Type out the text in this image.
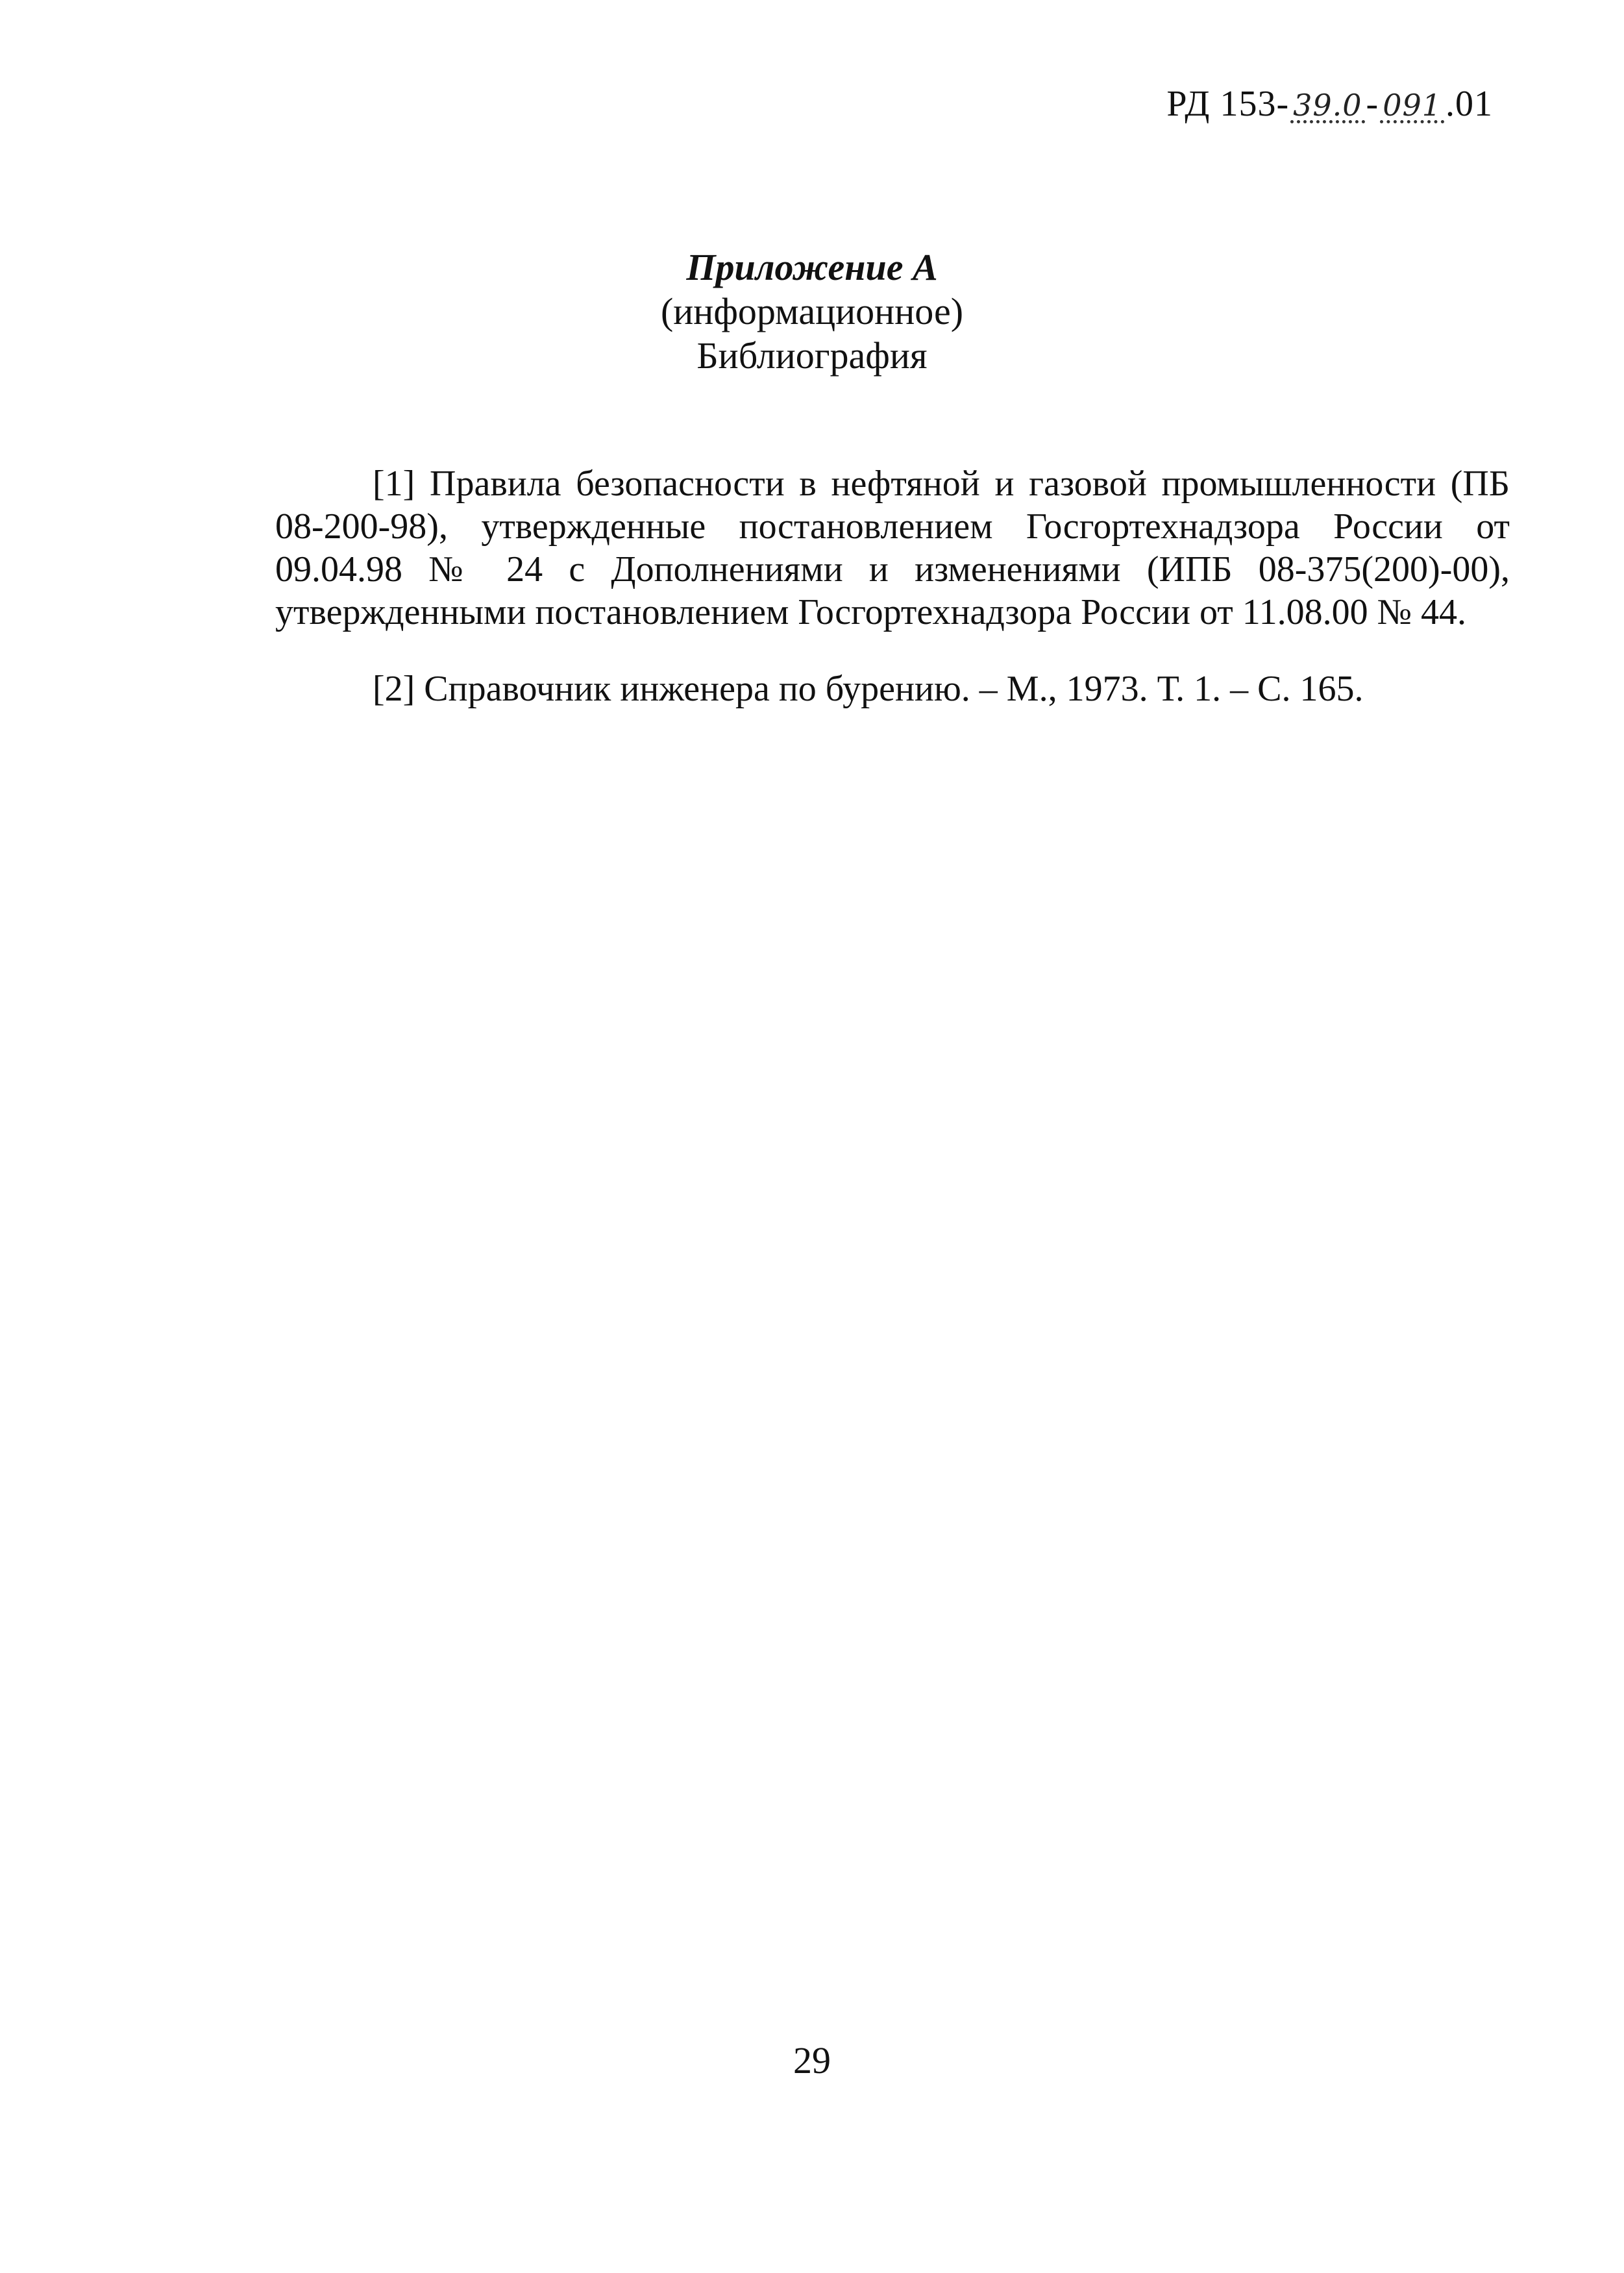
РД 153- 39.0 - 091 .01
Приложение А
(информационное)
Библиография

[1] Правила безопасности в нефтяной и газовой промышленности (ПБ 08-200-98), утвержденные постановлением Госгортехнадзора России от 09.04.98 № 24 с Дополнениями и изменениями (ИПБ 08-375(200)-00), утвержденными постановлением Госгортехнадзора России от 11.08.00 № 44.

[2] Справочник инженера по бурению. – М., 1973. Т. 1. – С. 165.

29
